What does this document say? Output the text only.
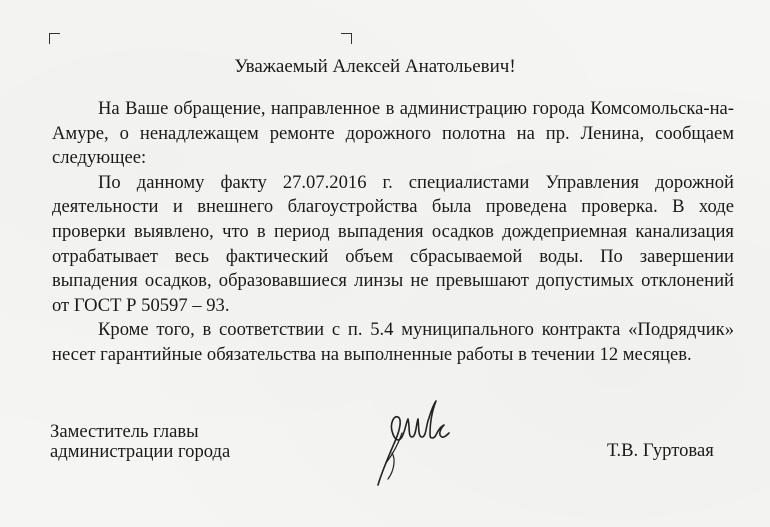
Уважаемый Алексей Анатольевич!

На Ваше обращение, направленное в администрацию города Комсомольска-на-Амуре, о ненадлежащем ремонте дорожного полотна на пр. Ленина, сообщаем следующее:

По данному факту 27.07.2016 г. специалистами Управления дорожной деятельности и внешнего благоустройства была проведена проверка. В ходе проверки выявлено, что в период выпадения осадков дождеприемная канализация отрабатывает весь фактический объем сбрасываемой воды. По завершении выпадения осадков, образовавшиеся линзы не превышают допустимых отклонений от ГОСТ Р 50597 – 93.

Кроме того, в соответствии с п. 5.4 муниципального контракта «Подрядчик» несет гарантийные обязательства на выполненные работы в течении 12 месяцев.

Заместитель главы
администрации города	Т.В. Гуртовая
